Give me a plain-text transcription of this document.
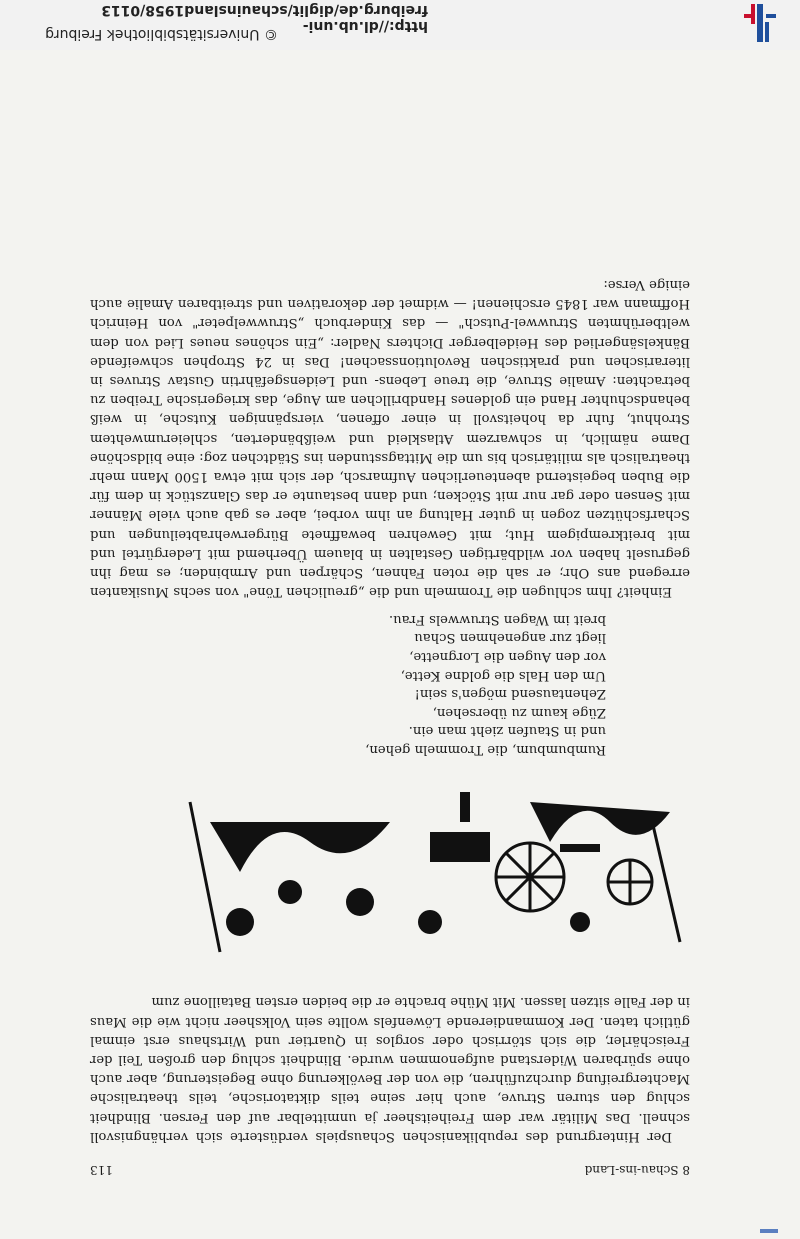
http://dl.ub.uni-freiburg.de/diglit/schauinsland1958/0113
© Universitätsbibliothek Freiburg
8 Schau-ins-Land
113

Der Hintergrund des republikanischen Schauspiels verdüsterte sich verhängnisvoll schnell. Das Militär war dem Freiheitsheer ja unmittelbar auf den Fersen. Blindheit schlug den sturen Struve, auch hier seine teils diktatorische, teils theatralische Machtergreifung durchzuführen, die von der Bevölkerung ohne Begeisterung, aber auch ohne spürbaren Widerstand aufgenommen wurde. Blindheit schlug den großen Teil der Freischärler, die sich störrisch oder sorglos in Quartier und Wirtshaus erst einmal gütlich taten. Der Kommandierende Löwenfels wollte sein Volksheer nicht wie die Maus in der Falle sitzen lassen. Mit Mühe brachte er die beiden ersten Bataillone zum

Rumbumbum, die Trommeln gehen,
und in Staufen zieht man ein.
Züge kaum zu übersehen,
Zehentausend mögen's sein!
Um den Hals die goldne Kette,
vor den Augen die Lorgnette,
liegt zur angenehmen Schau
breit im Wagen Struwwels Frau.

Einheit? Ihm schlugen die Trommeln und die „greulichen Töne" von sechs Musikanten erregend ans Ohr; er sah die roten Fahnen, Schärpen und Armbinden; es mag ihn gegruselt haben vor wildbärtigen Gestalten in blauem Überhemd mit Ledergürtel und mit breitkrempigem Hut; mit Gewehren bewaffnete Bürgerwehrabteilungen und Scharfschützen zogen in guter Haltung an ihm vorbei, aber es gab auch viele Männer mit Sensen oder gar nur mit Stöcken; und dann bestaunte er das Glanzstück in dem für die Buben begeisternd abenteuerlichen Aufmarsch, der sich mit etwa 1500 Mann mehr theatralisch als militärisch bis um die Mittagsstunden ins Städtchen zog: eine bildschöne Dame nämlich, in schwarzem Atlaskleid und weißbänderten, schleierumwehtem Strohhut, fuhr da hoheitsvoll in einer offenen, vierspännigen Kutsche, in weiß behandschuhter Hand ein goldenes Handbrillchen am Auge, das kriegerische Treiben zu betrachten: Amalie Struve, die treue Lebens- und Leidensgefährtin Gustav Struves in literarischen und praktischen Revolutionssachen! Das in 24 Strophen schweifende Bänkelsängerlied des Heidelberger Dichters Nadler: „Ein schönes neues Lied von dem weltberühmten Struwwel-Putsch" — das Kinderbuch „Struwwelpeter" von Heinrich Hoffmann war 1845 erschienen! — widmet der dekorativen und streitbaren Amalie auch einige Verse:
